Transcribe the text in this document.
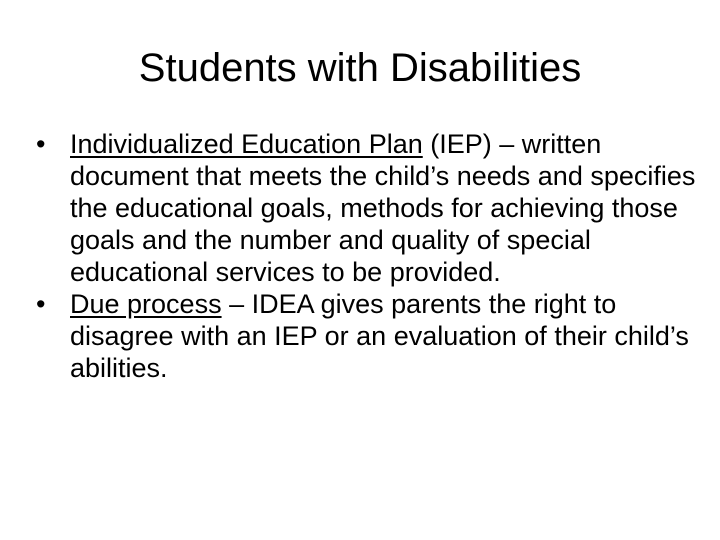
Students with Disabilities
• Individualized Education Plan (IEP) – written document that meets the child’s needs and specifies the educational goals, methods for achieving those goals and the number and quality of special educational services to be provided.
• Due process – IDEA gives parents the right to disagree with an IEP or an evaluation of their child’s abilities.
